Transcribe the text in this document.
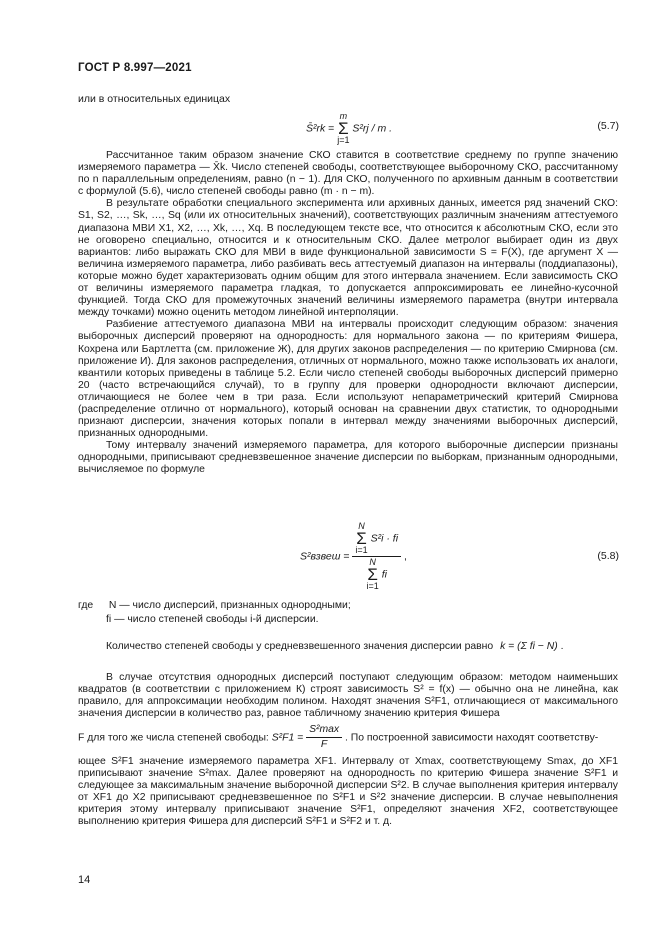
ГОСТ Р 8.997—2021
или в относительных единицах
S̄²rk =
m
Σ
j=1
S²rj / m .	(5.7)

Рассчитанное таким образом значение СКО ставится в соответствие среднему по группе значению измеряемого параметра — X̄k. Число степеней свободы, соответствующее выборочному СКО, рассчитанному по n параллельным определениям, равно (n − 1). Для СКО, полученного по архивным данным в соответствии с формулой (5.6), число степеней свободы равно (m · n − m).

В результате обработки специального эксперимента или архивных данных, имеется ряд значений СКО: S1, S2, …, Sk, …, Sq (или их относительных значений), соответствующих различным значениям аттестуемого диапазона МВИ X1, X2, …, Xk, …, Xq. В последующем тексте все, что относится к абсолютным СКО, если это не оговорено специально, относится и к относительным СКО. Далее метролог выбирает один из двух вариантов: либо выражать СКО для МВИ в виде функциональной зависимости S = F(X), где аргумент X — величина измеряемого параметра, либо разбивать весь аттестуемый диапазон на интервалы (поддиапазоны), которые можно будет характеризовать одним общим для этого интервала значением. Если зависимость СКО от величины измеряемого параметра гладкая, то допускается аппроксимировать ее линейно-кусочной функцией. Тогда СКО для промежуточных значений величины измеряемого параметра (внутри интервала между точками) можно оценить методом линейной интерполяции.

Разбиение аттестуемого диапазона МВИ на интервалы происходит следующим образом: значения выборочных дисперсий проверяют на однородность: для нормального закона — по критериям Фишера, Кохрена или Бартлетта (см. приложение Ж), для других законов распределения — по критерию Смирнова (см. приложение И). Для законов распределения, отличных от нормального, можно также использовать их аналоги, квантили которых приведены в таблице 5.2. Если число степеней свободы выборочных дисперсий примерно 20 (часто встречающийся случай), то в группу для проверки однородности включают дисперсии, отличающиеся не более чем в три раза. Если используют непараметрический критерий Смирнова (распределение отлично от нормального), который основан на сравнении двух статистик, то однородными признают дисперсии, значения которых попали в интервал между значениями выборочных дисперсий, признанных однородными.

Тому интервалу значений измеряемого параметра, для которого выборочные дисперсии признаны однородными, приписывают средневзвешенное значение дисперсии по выборкам, признанным однородными, вычисляемое по формуле

S²взвеш = N
Σ
i=1
S²i · fi
N
Σ
i=1
fi ,	(5.8)
где N — число дисперсий, признанных однородными;
fi — число степеней свободы i-й дисперсии.
Количество степеней свободы у средневзвешенного значения дисперсии равно k = (Σ fi − N) .

В случае отсутствия однородных дисперсий поступают следующим образом: методом наименьших квадратов (в соответствии с приложением К) строят зависимость S² = f(x) — обычно она не линейна, как правило, для аппроксимации необходим полином. Находят значения S²F1, отличающиеся от максимального значения дисперсии в количество раз, равное табличному значению критерия Фишера

F для того же числа степеней свободы: $S^2F1 = \frac{\text{S²max}}{F}$ . По построенной зависимости находят соответству-

ющее S²F1 значение измеряемого параметра XF1. Интервалу от Xmax, соответствующему Smax, до XF1 приписывают значение S²max. Далее проверяют на однородность по критерию Фишера значение S²F1 и следующее за максимальным значение выборочной дисперсии S²2. В случае выполнения критерия интервалу от XF1 до X2 приписывают средневзвешенное по S²F1 и S²2 значение дисперсии. В случае невыполнения критерия этому интервалу приписывают значение S²F1, определяют значения XF2, соответствующее выполнению критерия Фишера для дисперсий S²F1 и S²F2 и т. д.

14
